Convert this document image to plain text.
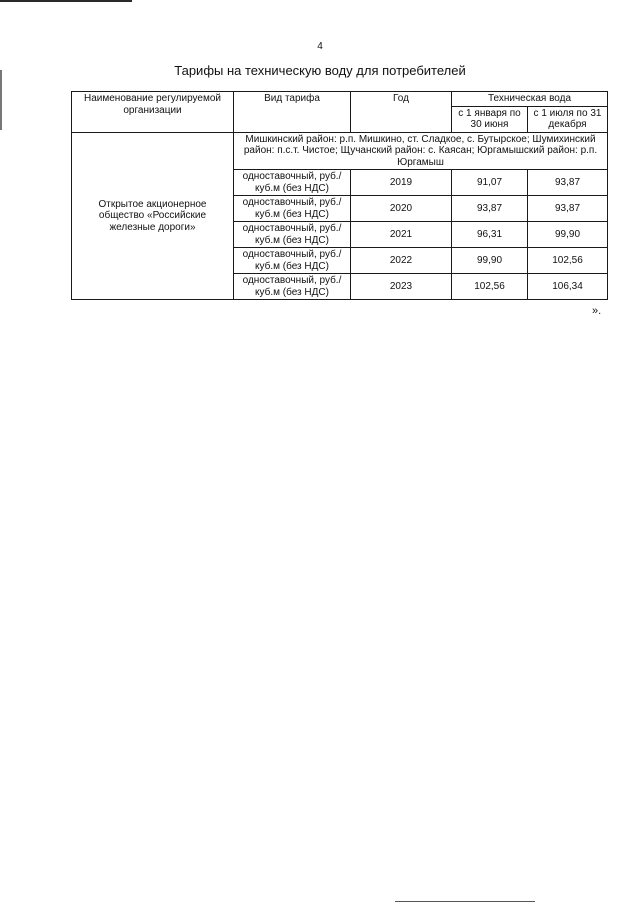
4
Тарифы на техническую воду для потребителей
Наименование регулируемой организации	Вид тарифа	Год	Техническая вода	
			с 1 января по 30 июня	с 1 июля по 31 декабря
Открытое акционерное общество «Российские железные дороги»	Мишкинский район: р.п. Мишкино, ст. Сладкое, с. Бутырское; Шумихинский район: п.с.т. Чистое; Щучанский район: с. Каясан; Юргамышский район: р.п. Юргамыш			
	одноставочный, руб./куб.м (без НДС)	2019	91,07	93,87
	одноставочный, руб./куб.м (без НДС)	2020	93,87	93,87
	одноставочный, руб./куб.м (без НДС)	2021	96,31	99,90
	одноставочный, руб./куб.м (без НДС)	2022	99,90	102,56
	одноставочный, руб./куб.м (без НДС)	2023	102,56	106,34
».
